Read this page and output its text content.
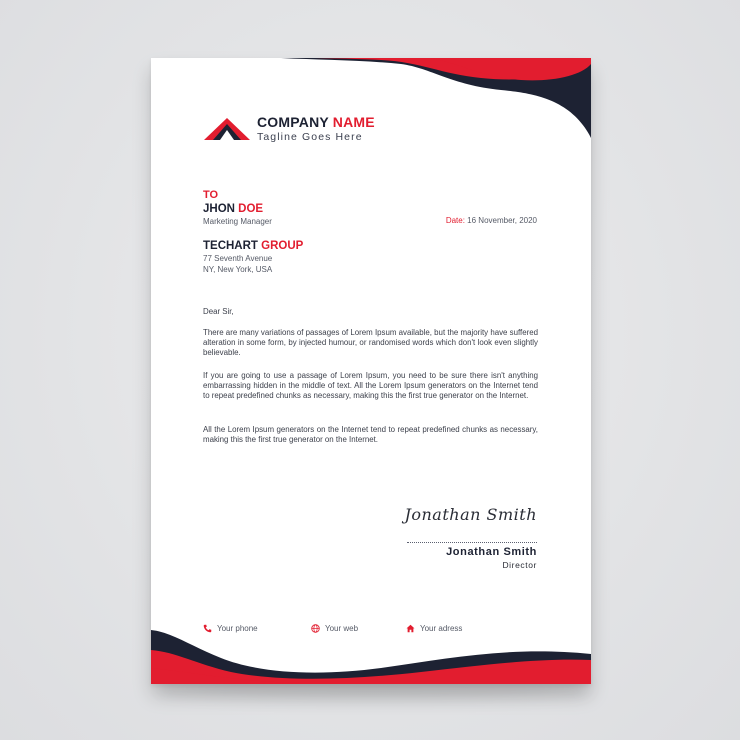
COMPANY NAME
Tagline Goes Here
TO
JHON DOE
Marketing Manager	Date: 16 November, 2020
TECHART GROUP
77 Seventh Avenue
NY, New York, USA

Dear Sir,

There are many variations of passages of Lorem Ipsum available, but the majority have suffered alteration in some form, by injected humour, or randomised words which don't look even slightly believable.

If you are going to use a passage of Lorem Ipsum, you need to be sure there isn't anything embarrassing hidden in the middle of text. All the Lorem Ipsum generators on the Internet tend to repeat predefined chunks as necessary, making this the first true generator on the Internet.

All the Lorem Ipsum generators on the Internet tend to repeat predefined chunks as necessary, making this the first true generator on the Internet.

Jonathan Smith
Jonathan Smith
Director
Your phone	Your web	Your adress
